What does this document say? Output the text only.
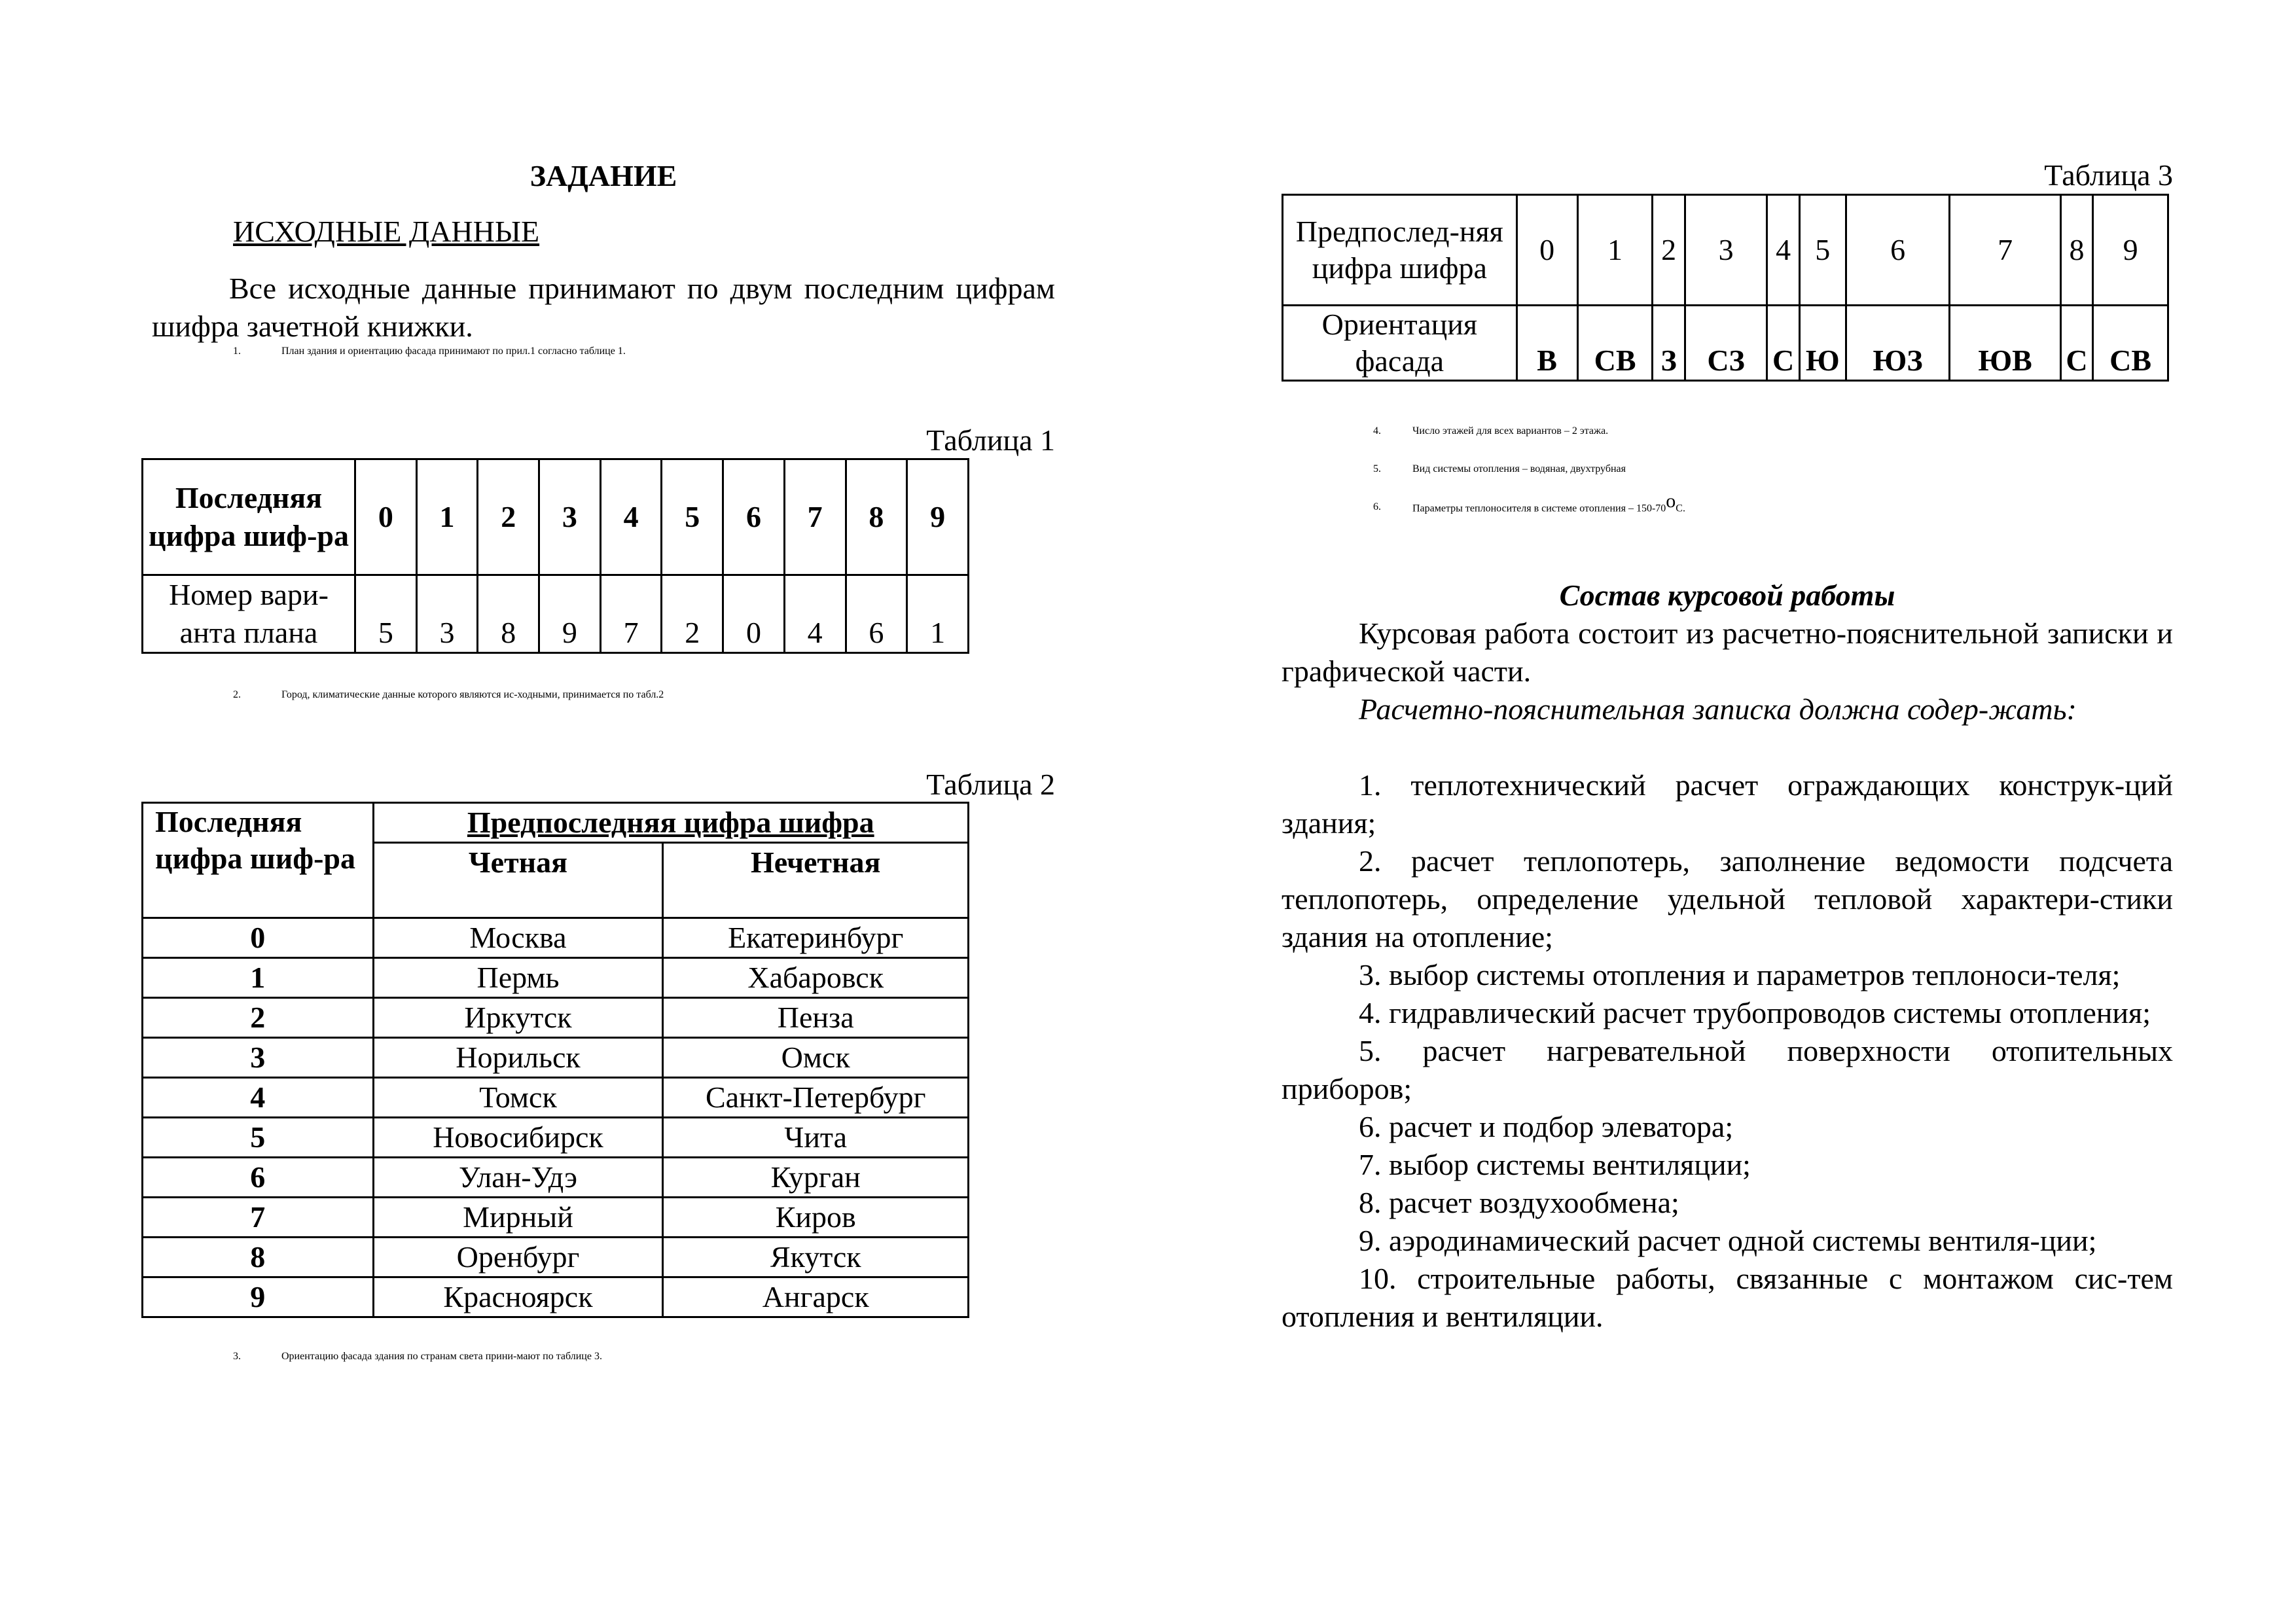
ЗАДАНИЕ

ИСХОДНЫЕ ДАННЫЕ

Все исходные данные принимают по двум последним цифрам шифра зачетной книжки.

1.	План здания и ориентацию фасада принимают по прил.1 согласно таблице 1.

Таблица 1

Последняя цифра шиф-ра	0	1	2	3	4	5	6	7	8	9
Номер вари-анта плана	5	3	8	9	7	2	0	4	6	1
2.	Город, климатические данные которого являются ис-ходными, принимается по табл.2

Таблица 2

Последняя цифра шиф-ра	Предпоследняя цифра шифра	
	Четная	Нечетная
0	Москва	Екатеринбург
1	Пермь	Хабаровск
2	Иркутск	Пенза
3	Норильск	Омск
4	Томск	Санкт-Петербург
5	Новосибирск	Чита
6	Улан-Удэ	Курган
7	Мирный	Киров
8	Оренбург	Якутск
9	Красноярск	Ангарск
3.	Ориентацию фасада здания по странам света прини-мают по таблице 3.

Таблица 3

Предпослед-няя цифра шифра	0	1	2	3	4	5	6	7	8	9
Ориентация фасада	В	СВ	З	СЗ	С	Ю	ЮЗ	ЮВ	С	СВ
4.	Число этажей для всех вариантов – 2 этажа.
5.	Вид системы отопления – водяная, двухтрубная
6.	Параметры теплоносителя в системе отопления – 150-70$^o$С.

Состав курсовой работы

Курсовая работа состоит из расчетно-пояснительной записки и графической части.

Расчетно-пояснительная записка должна содер-жать:

1. теплотехнический расчет ограждающих конструк-ций здания;

2. расчет теплопотерь, заполнение ведомости подсчета теплопотерь, определение удельной тепловой характери-стики здания на отопление;

3. выбор системы отопления и параметров теплоноси-теля;

4. гидравлический расчет трубопроводов системы отопления;

5. расчет нагревательной поверхности отопительных приборов;

6. расчет и подбор элеватора;

7. выбор системы вентиляции;

8. расчет воздухообмена;

9. аэродинамический расчет одной системы вентиля-ции;

10. строительные работы, связанные с монтажом сис-тем отопления и вентиляции.
